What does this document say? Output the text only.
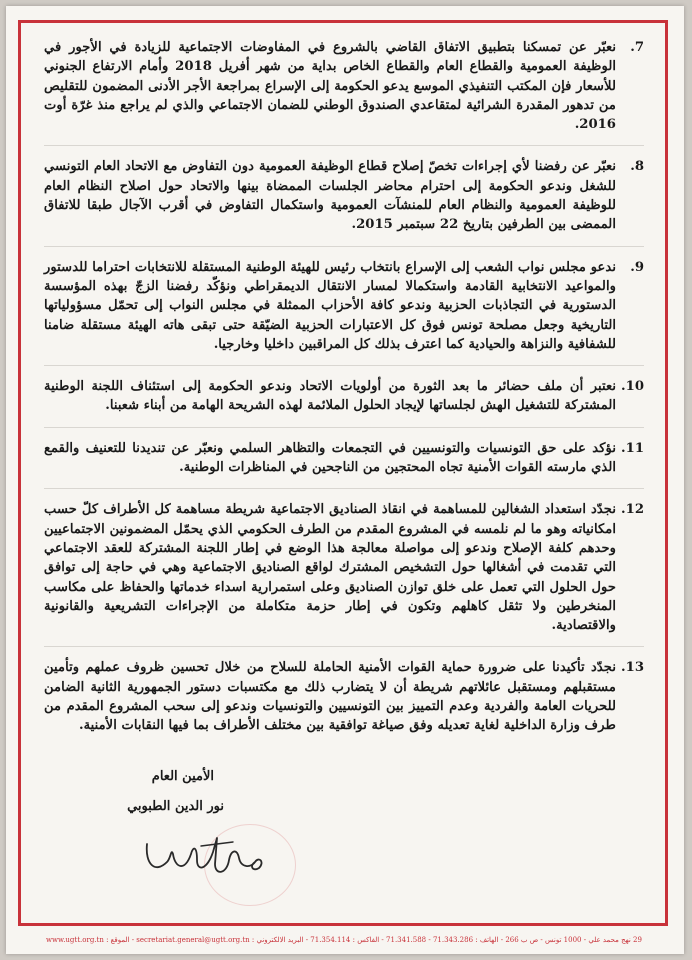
7.
نعبّر عن تمسكنا بتطبيق الاتفاق القاضي بالشروع في المفاوضات الاجتماعية للزيادة في الأجور في الوظيفة العمومية والقطاع العام والقطاع الخاص بداية من شهر أفريل 2018 وأمام الارتفاع الجنوني للأسعار فإن المكتب التنفيذي الموسع يدعو الحكومة إلى الإسراع بمراجعة الأجر الأدنى المضمون للتقليص من تدهور المقدرة الشرائية لمتقاعدي الصندوق الوطني للضمان الاجتماعي والذي لم يراجع منذ غرّة أوت 2016.
8.
نعبّر عن رفضنا لأي إجراءات تخصّ إصلاح قطاع الوظيفة العمومية دون التفاوض مع الاتحاد العام التونسي للشغل وندعو الحكومة إلى احترام محاضر الجلسات الممضاة بينها والاتحاد حول اصلاح النظام العام للوظيفة العمومية والنظام العام للمنشآت العمومية واستكمال التفاوض في أقرب الآجال طبقا للاتفاق الممضى بين الطرفين بتاريخ 22 سبتمبر 2015.
9.
ندعو مجلس نواب الشعب إلى الإسراع بانتخاب رئيس للهيئة الوطنية المستقلة للانتخابات احتراما للدستور والمواعيد الانتخابية القادمة واستكمالا لمسار الانتقال الديمقراطي ونؤكّد رفضنا الزجّ بهذه المؤسسة الدستورية في التجاذبات الحزبية وندعو كافة الأحزاب الممثلة في مجلس النواب إلى تحمّل مسؤولياتها التاريخية وجعل مصلحة تونس فوق كل الاعتبارات الحزبية الضيّقة حتى تبقى هاته الهيئة مستقلة ضامنا للشفافية والنزاهة والحيادية كما اعترف بذلك كل المراقبين داخليا وخارجيا.
10.
نعتبر أن ملف حضائر ما بعد الثورة من أولويات الاتحاد وندعو الحكومة إلى استئناف اللجنة الوطنية المشتركة للتشغيل الهش لجلساتها لإيجاد الحلول الملائمة لهذه الشريحة الهامة من أبناء شعبنا.
11.
نؤكد على حق التونسيات والتونسيين في التجمعات والتظاهر السلمي ونعبّر عن تنديدنا للتعنيف والقمع الذي مارسته القوات الأمنية تجاه المحتجين من الناجحين في المناظرات الوطنية.
12.
نجدّد استعداد الشغالين للمساهمة في انقاذ الصناديق الاجتماعية شريطة مساهمة كل الأطراف كلّ حسب امكانياته وهو ما لم نلمسه في المشروع المقدم من الطرف الحكومي الذي يحمّل المضمونين الاجتماعيين وحدهم كلفة الإصلاح وندعو إلى مواصلة معالجة هذا الوضع في إطار اللجنة المشتركة للعقد الاجتماعي التي تقدمت في أشغالها حول التشخيص المشترك لواقع الصناديق الاجتماعية وهي في حاجة إلى توافق حول الحلول التي تعمل على خلق توازن الصناديق وعلى استمرارية اسداء خدماتها والحفاظ على مكاسب المنخرطين ولا تثقل كاهلهم وتكون في إطار حزمة متكاملة من الإجراءات التشريعية والقانونية والاقتصادية.
13.
نجدّد تأكيدنا على ضرورة حماية القوات الأمنية الحاملة للسلاح من خلال تحسين ظروف عملهم وتأمين مستقبلهم ومستقبل عائلاتهم شريطة أن لا يتضارب ذلك مع مكتسبات دستور الجمهورية الثانية الضامن للحريات العامة والفردية وعدم التمييز بين التونسيين والتونسيات وندعو إلى سحب المشروع المقدم من طرف وزارة الداخلية لغاية تعديله وفق صياغة توافقية بين مختلف الأطراف بما فيها النقابات الأمنية.
الأمين العام
نور الدين الطبوبي
29 نهج محمد علي - 1000 تونس - ص ب 266 - الهاتف : 71.343.286 - 71.341.588 - الفاكس : 71.354.114 - البريد الالكتروني : secretariat.general@ugtt.org.tn - الموقع : www.ugtt.org.tn
